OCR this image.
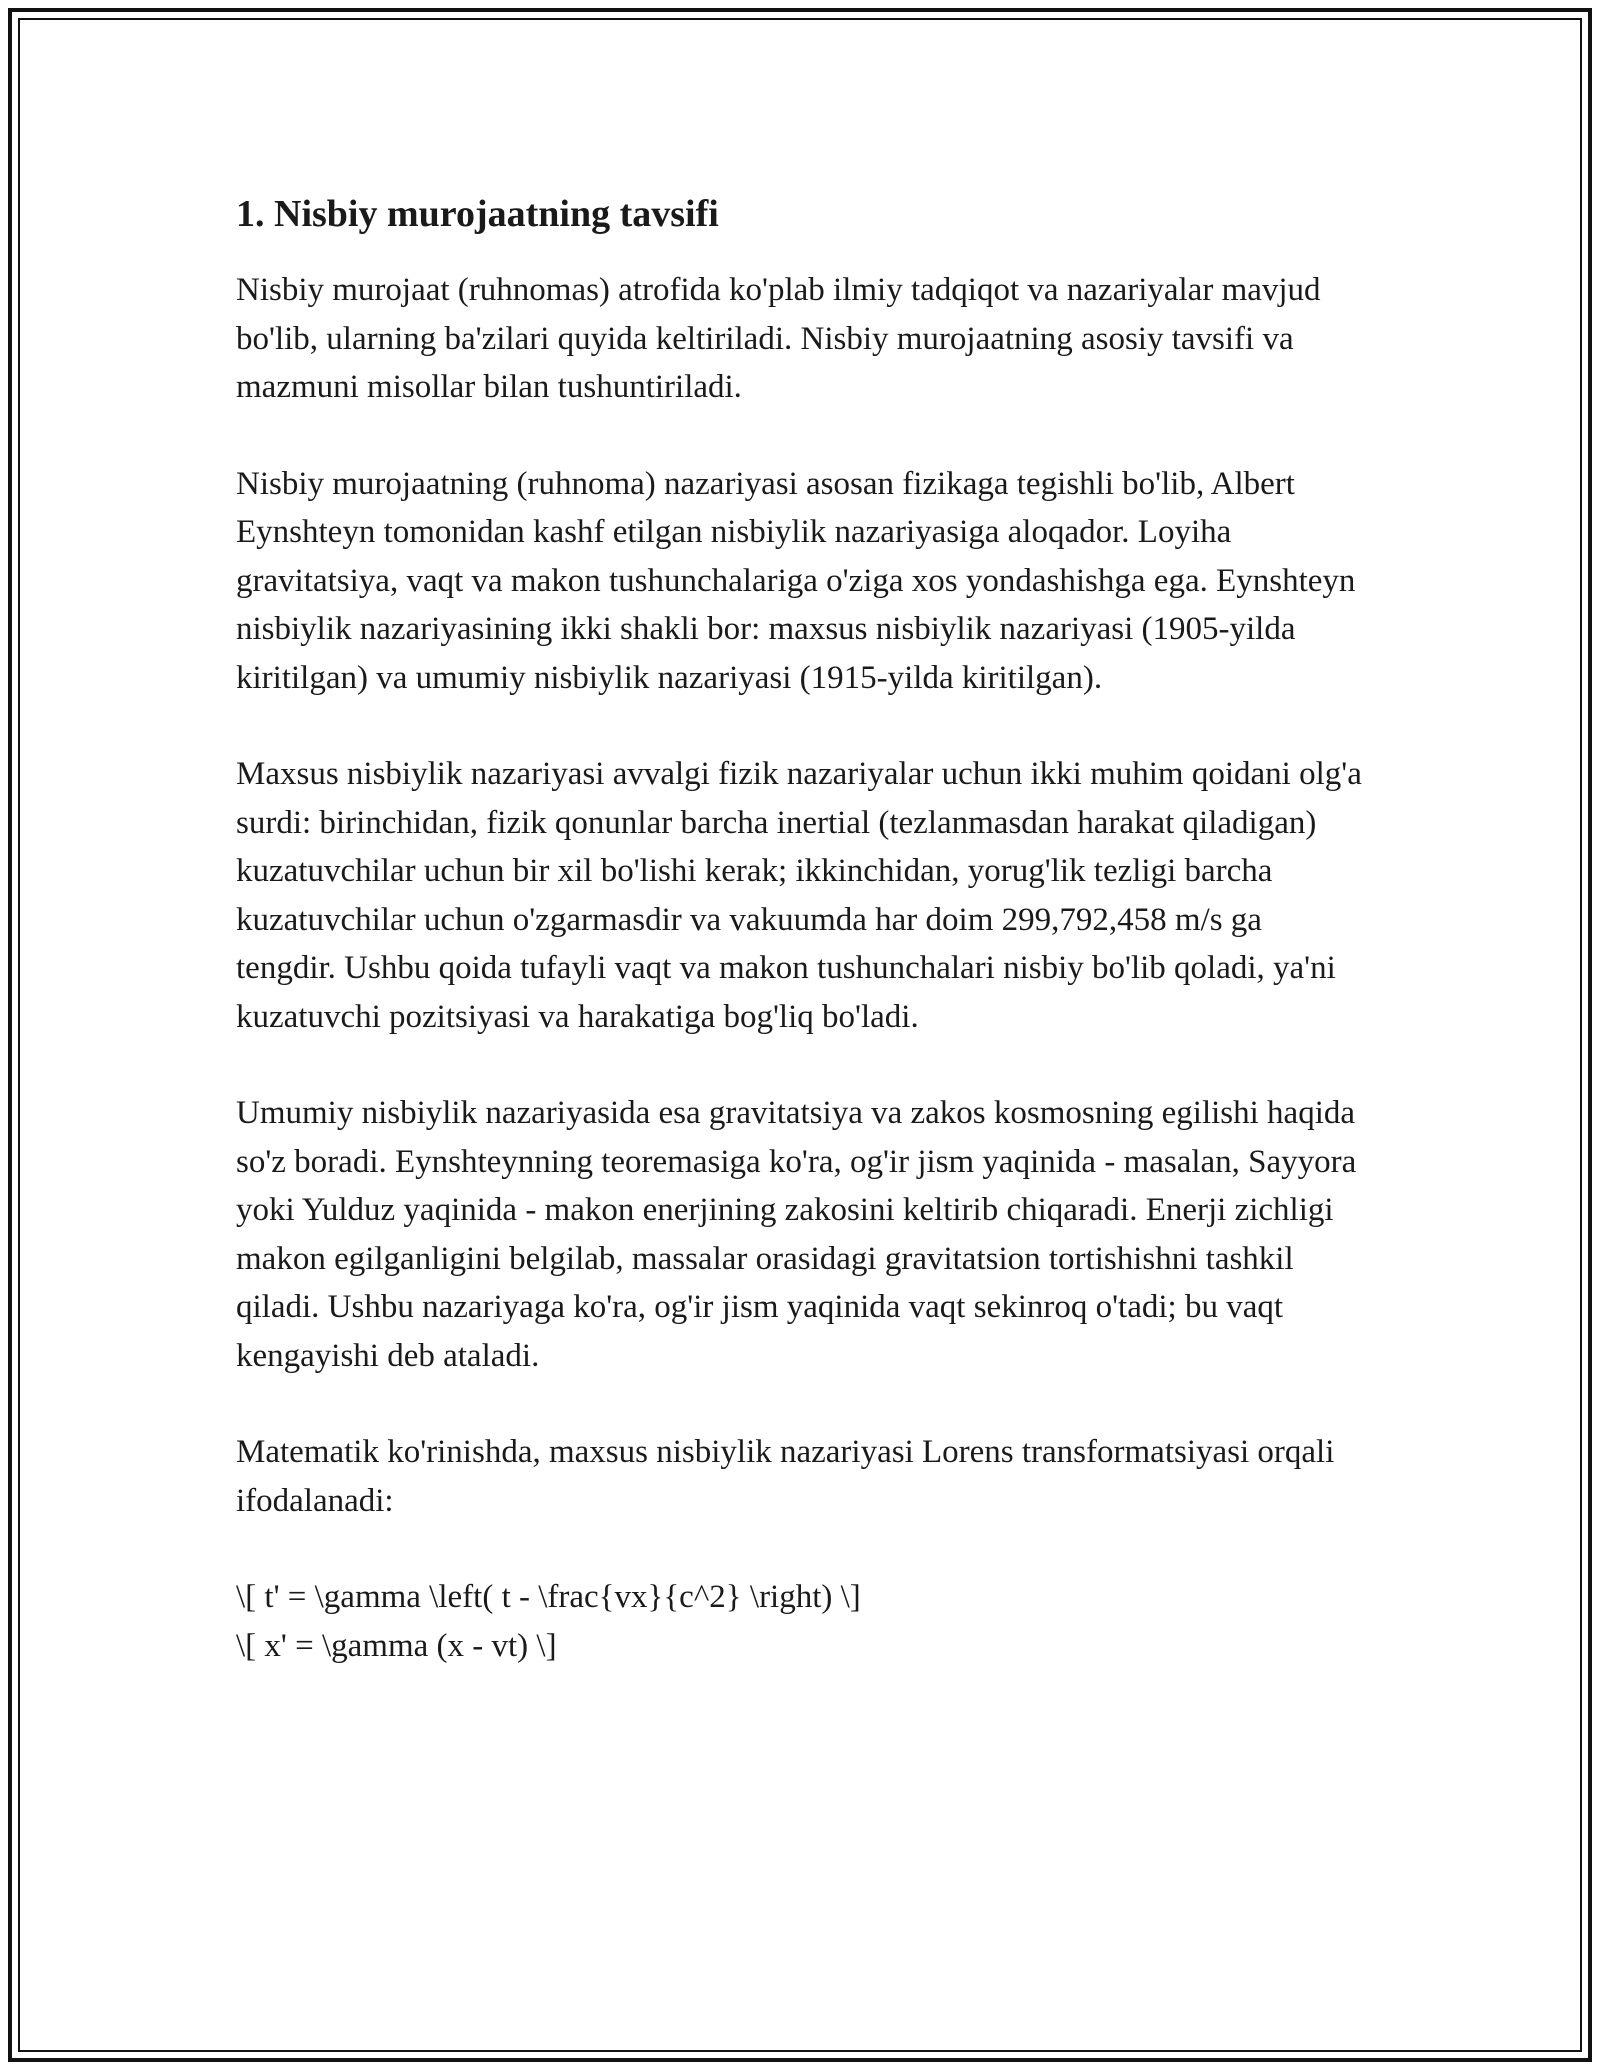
1. Nisbiy murojaatning tavsifi

Nisbiy murojaat (ruhnomas) atrofida ko'plab ilmiy tadqiqot va nazariyalar mavjud bo'lib, ularning ba'zilari quyida keltiriladi. Nisbiy murojaatning asosiy tavsifi va mazmuni misollar bilan tushuntiriladi.

Nisbiy murojaatning (ruhnoma) nazariyasi asosan fizikaga tegishli bo'lib, Albert Eynshteyn tomonidan kashf etilgan nisbiylik nazariyasiga aloqador. Loyiha gravitatsiya, vaqt va makon tushunchalariga o'ziga xos yondashishga ega. Eynshteyn nisbiylik nazariyasining ikki shakli bor: maxsus nisbiylik nazariyasi (1905-yilda kiritilgan) va umumiy nisbiylik nazariyasi (1915-yilda kiritilgan).

Maxsus nisbiylik nazariyasi avvalgi fizik nazariyalar uchun ikki muhim qoidani olg'a surdi: birinchidan, fizik qonunlar barcha inertial (tezlanmasdan harakat qiladigan) kuzatuvchilar uchun bir xil bo'lishi kerak; ikkinchidan, yorug'lik tezligi barcha kuzatuvchilar uchun o'zgarmasdir va vakuumda har doim 299,792,458 m/s ga tengdir. Ushbu qoida tufayli vaqt va makon tushunchalari nisbiy bo'lib qoladi, ya'ni kuzatuvchi pozitsiyasi va harakatiga bog'liq bo'ladi.

Umumiy nisbiylik nazariyasida esa gravitatsiya va zakos kosmosning egilishi haqida so'z boradi. Eynshteynning teoremasiga ko'ra, og'ir jism yaqinida - masalan, Sayyora yoki Yulduz yaqinida - makon enerjining zakosini keltirib chiqaradi. Enerji zichligi makon egilganligini belgilab, massalar orasidagi gravitatsion tortishishni tashkil qiladi. Ushbu nazariyaga ko'ra, og'ir jism yaqinida vaqt sekinroq o'tadi; bu vaqt kengayishi deb ataladi.

Matematik ko'rinishda, maxsus nisbiylik nazariyasi Lorens transformatsiyasi orqali ifodalanadi:

\[ t' = \gamma \left( t - \frac{vx}{c^2} \right) \]
\[ x' = \gamma (x - vt) \]
